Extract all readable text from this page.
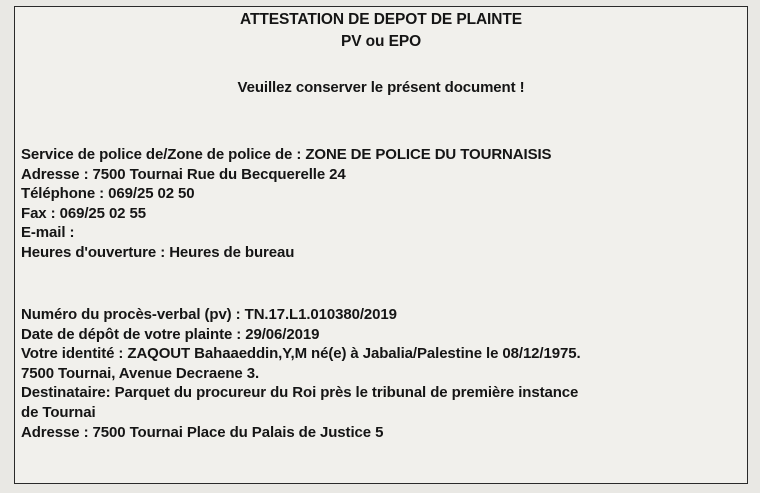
ATTESTATION DE DEPOT DE PLAINTE
PV ou EPO
Veuillez conserver le présent document !
Service de police de/Zone de police de : ZONE DE POLICE DU TOURNAISIS
Adresse : 7500 Tournai Rue du Becquerelle 24
Téléphone : 069/25 02 50
Fax : 069/25 02 55
E-mail :
Heures d'ouverture : Heures de bureau
Numéro du procès-verbal (pv) : TN.17.L1.010380/2019
Date de dépôt de votre plainte : 29/06/2019
Votre identité : ZAQOUT Bahaaeddin,Y,M né(e) à Jabalia/Palestine le 08/12/1975.
7500 Tournai, Avenue Decraene 3.
Destinataire: Parquet du procureur du Roi près le tribunal de première instance
de Tournai
Adresse : 7500 Tournai Place du Palais de Justice 5
